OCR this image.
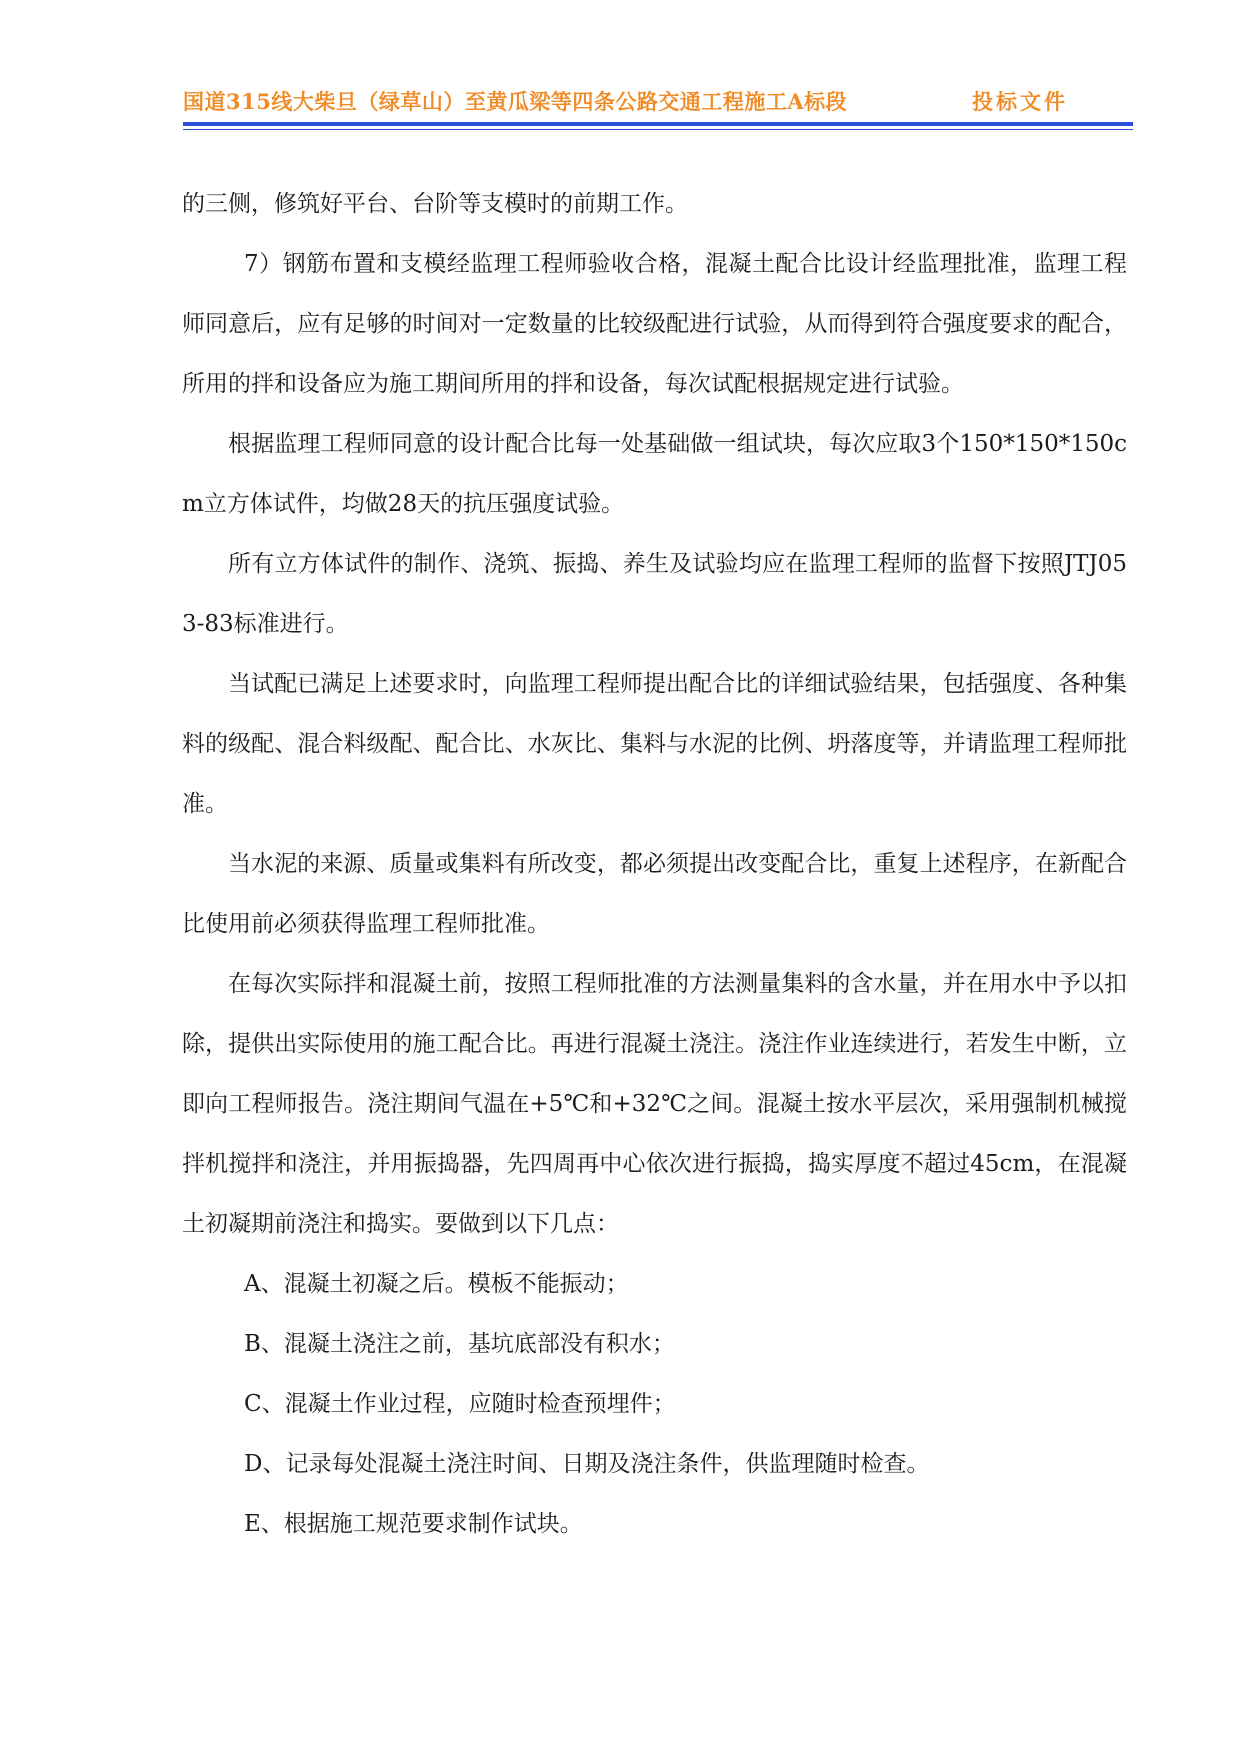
国道315线大柴旦（绿草山）至黄瓜梁等四条公路交通工程施工A标段	投标文件

的三侧，修筑好平台、台阶等支模时的前期工作。

7）钢筋布置和支模经监理工程师验收合格，混凝土配合比设计经监理批准，监理工程师同意后，应有足够的时间对一定数量的比较级配进行试验，从而得到符合强度要求的配合，所用的拌和设备应为施工期间所用的拌和设备，每次试配根据规定进行试验。

根据监理工程师同意的设计配合比每一处基础做一组试块，每次应取3个150*150*150cm立方体试件，均做28天的抗压强度试验。

所有立方体试件的制作、浇筑、振捣、养生及试验均应在监理工程师的监督下按照JTJ053-83标准进行。

当试配已满足上述要求时，向监理工程师提出配合比的详细试验结果，包括强度、各种集料的级配、混合料级配、配合比、水灰比、集料与水泥的比例、坍落度等，并请监理工程师批准。

当水泥的来源、质量或集料有所改变，都必须提出改变配合比，重复上述程序，在新配合比使用前必须获得监理工程师批准。

在每次实际拌和混凝土前，按照工程师批准的方法测量集料的含水量，并在用水中予以扣除，提供出实际使用的施工配合比。再进行混凝土浇注。浇注作业连续进行，若发生中断，立即向工程师报告。浇注期间气温在+5℃和+32℃之间。混凝土按水平层次，采用强制机械搅拌机搅拌和浇注，并用振捣器，先四周再中心依次进行振捣，捣实厚度不超过45cm，在混凝土初凝期前浇注和捣实。要做到以下几点：

A、混凝土初凝之后。模板不能振动；

B、混凝土浇注之前，基坑底部没有积水；

C、混凝土作业过程，应随时检查预埋件；

D、记录每处混凝土浇注时间、日期及浇注条件，供监理随时检查。

E、根据施工规范要求制作试块。
